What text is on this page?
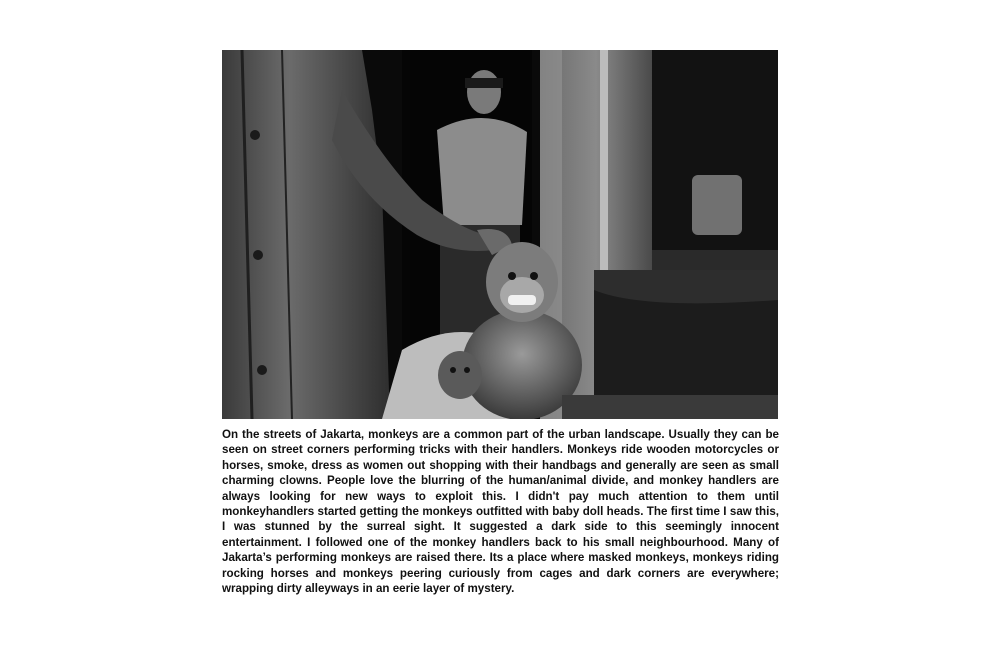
On the streets of Jakarta, monkeys are a common part of the urban landscape. Usually they can be seen on street corners performing tricks with their handlers. Monkeys ride wooden motorcycles or horses, smoke, dress as women out shopping with their handbags and generally are seen as small charming clowns. People love the blurring of the human/animal divide, and monkey handlers are always looking for new ways to exploit this. I didn't pay much attention to them until monkeyhandlers started getting the monkeys outfitted with baby doll heads. The first time I saw this, I was stunned by the surreal sight. It suggested a dark side to this seemingly innocent entertainment. I followed one of the monkey handlers back to his small neighbourhood. Many of Jakarta’s performing monkeys are raised there. Its a place where masked monkeys, monkeys riding rocking horses and monkeys peering curiously from cages and dark corners are everywhere; wrapping dirty alleyways in an eerie layer of mystery.
